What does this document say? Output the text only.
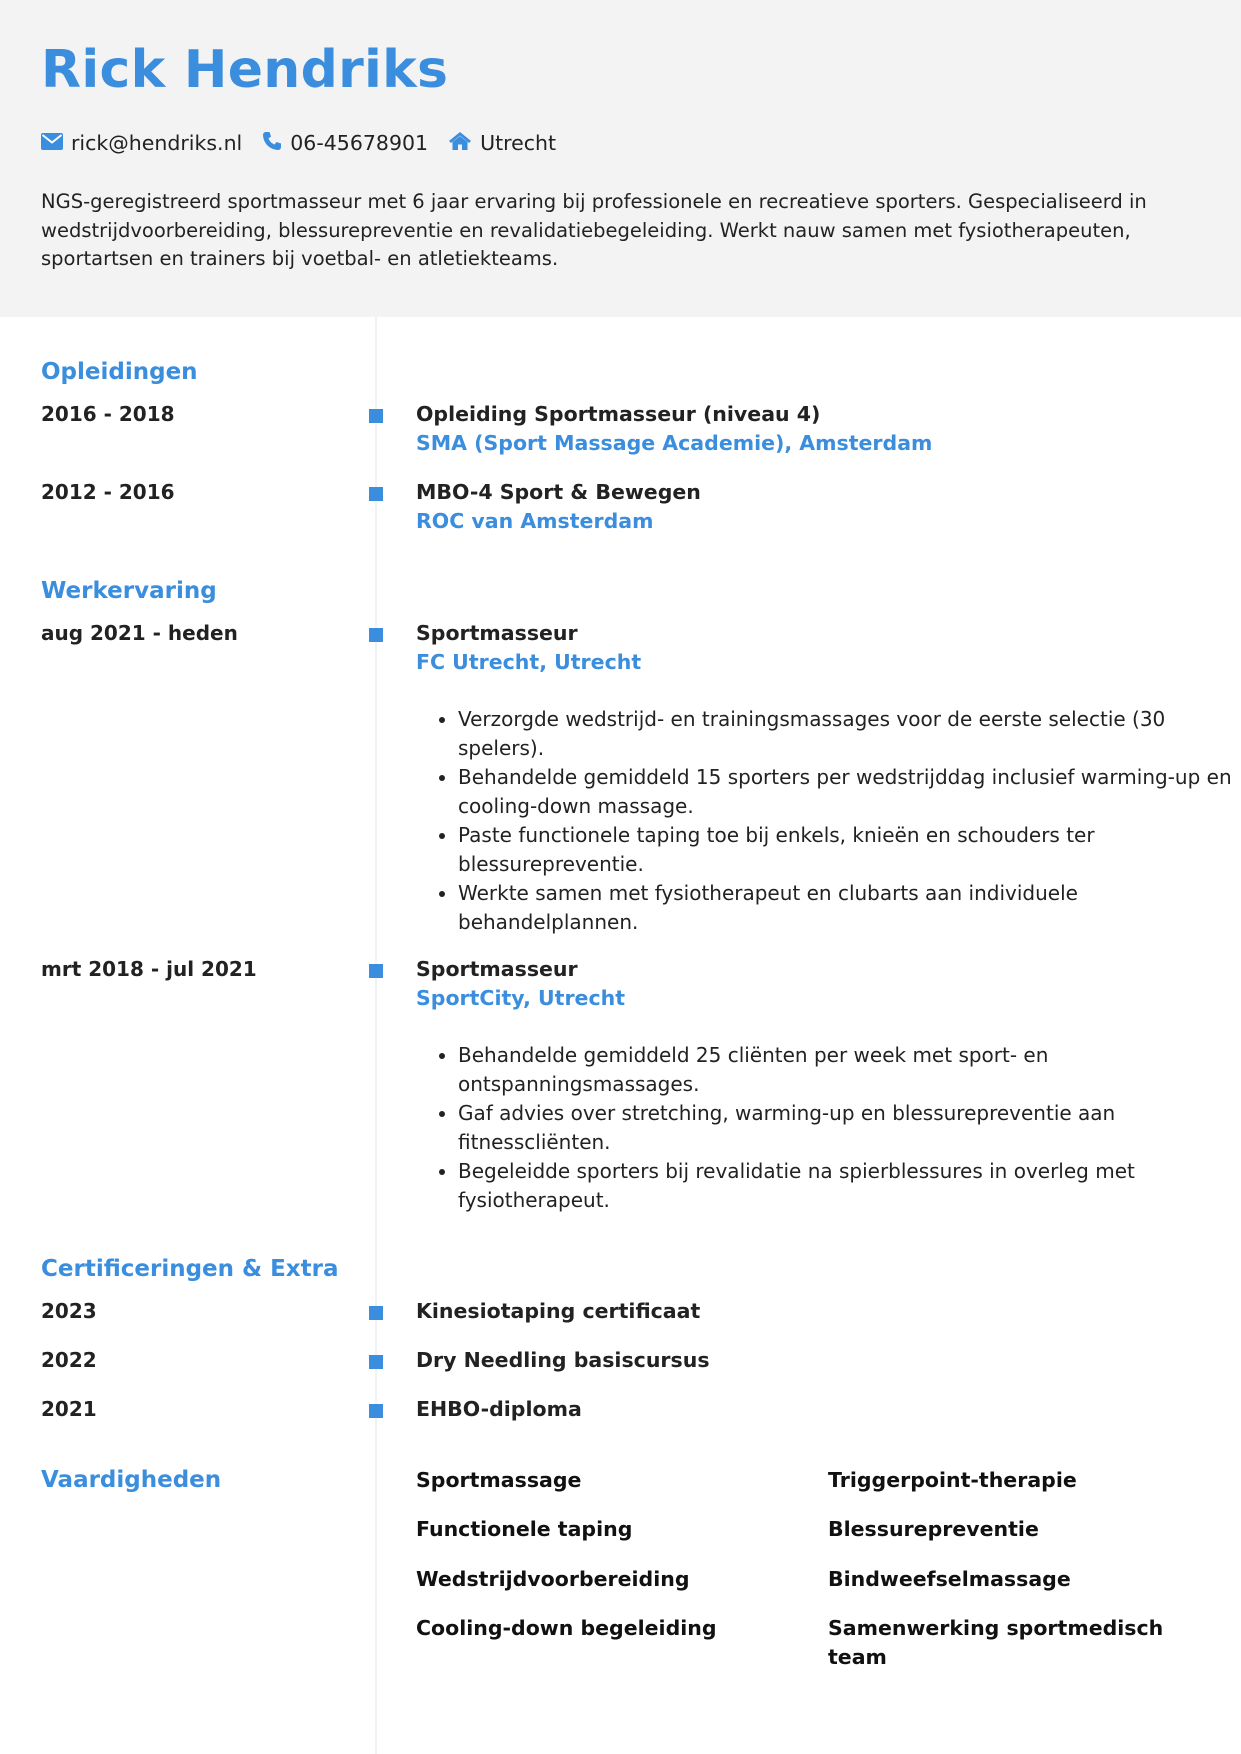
Rick Hendriks
rick@hendriks.nl 06-45678901	Utrecht

NGS-geregistreerd sportmasseur met 6 jaar ervaring bij professionele en recreatieve sporters. Gespecialiseerd in wedstrijdvoorbereiding, blessurepreventie en revalidatiebegeleiding. Werkt nauw samen met fysiotherapeuten, sportartsen en trainers bij voetbal- en atletiekteams.

Opleidingen
2016 - 2018	Opleiding Sportmasseur (niveau 4)
SMA (Sport Massage Academie), Amsterdam
2012 - 2016	MBO-4 Sport & Bewegen
ROC van Amsterdam
Werkervaring
aug 2021 - heden	Sportmasseur
FC Utrecht, Utrecht
• Verzorgde wedstrijd- en trainingsmassages voor de eerste selectie (30 spelers).
• Behandelde gemiddeld 15 sporters per wedstrijddag inclusief warming-up en cooling-down massage.
• Paste functionele taping toe bij enkels, knieën en schouders ter blessurepreventie.
• Werkte samen met fysiotherapeut en clubarts aan individuele behandelplannen.
mrt 2018 - jul 2021	Sportmasseur
SportCity, Utrecht
• Behandelde gemiddeld 25 cliënten per week met sport- en ontspanningsmassages.
• Gaf advies over stretching, warming-up en blessurepreventie aan fitnesscliënten.
• Begeleidde sporters bij revalidatie na spierblessures in overleg met fysiotherapeut.
Certificeringen & Extra
2023	Kinesiotaping certificaat
2022	Dry Needling basiscursus
2021	EHBO-diploma
Vaardigheden	Sportmassage	Triggerpoint-therapie
Functionele taping	Blessurepreventie
Wedstrijdvoorbereiding	Bindweefselmassage
Cooling-down begeleiding	Samenwerking sportmedisch team
